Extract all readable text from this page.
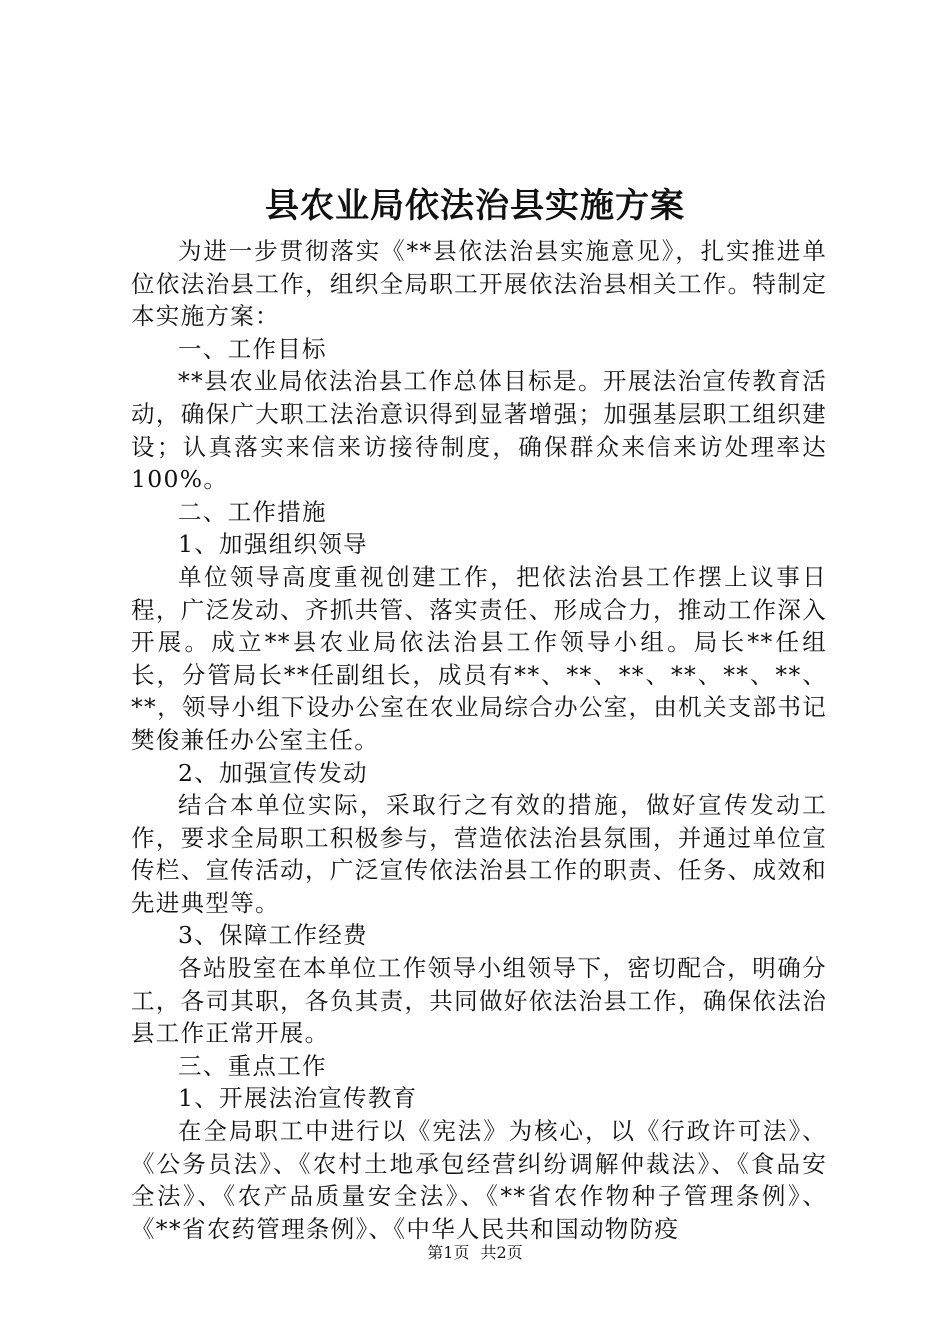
县农业局依法治县实施方案

为进一步贯彻落实《**县依法治县实施意见》，扎实推进单位依法治县工作，组织全局职工开展依法治县相关工作。特制定本实施方案：

一、工作目标

**县农业局依法治县工作总体目标是。开展法治宣传教育活动，确保广大职工法治意识得到显著增强；加强基层职工组织建设；认真落实来信来访接待制度，确保群众来信来访处理率达100%。

二、工作措施

1、加强组织领导

单位领导高度重视创建工作，把依法治县工作摆上议事日程，广泛发动、齐抓共管、落实责任、形成合力，推动工作深入开展。成立**县农业局依法治县工作领导小组。局长**任组长，分管局长**任副组长，成员有**、**、**、**、**、**、**，领导小组下设办公室在农业局综合办公室，由机关支部书记樊俊兼任办公室主任。

2、加强宣传发动

结合本单位实际，采取行之有效的措施，做好宣传发动工作，要求全局职工积极参与，营造依法治县氛围，并通过单位宣传栏、宣传活动，广泛宣传依法治县工作的职责、任务、成效和先进典型等。

3、保障工作经费

各站股室在本单位工作领导小组领导下，密切配合，明确分工，各司其职，各负其责，共同做好依法治县工作，确保依法治县工作正常开展。

三、重点工作

1、开展法治宣传教育

在全局职工中进行以《宪法》为核心，以《行政许可法》、《公务员法》、《农村土地承包经营纠纷调解仲裁法》、《食品安全法》、《农产品质量安全法》、《**省农作物种子管理条例》、《**省农药管理条例》、《中华人民共和国动物防疫

第1页 共2页
